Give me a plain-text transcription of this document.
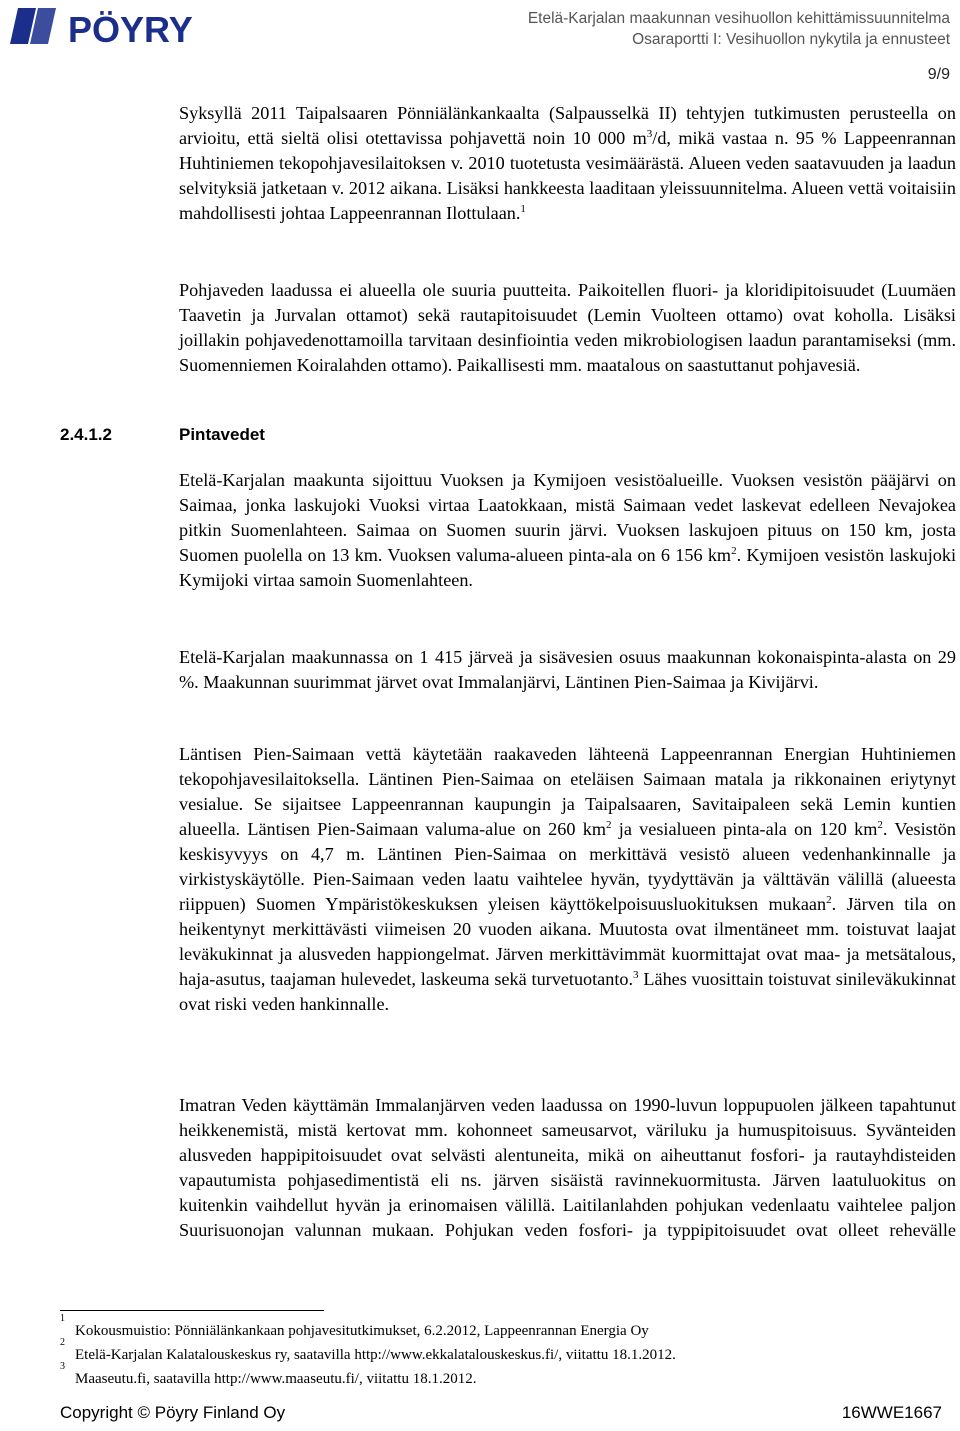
PÖYRY	Etelä-Karjalan maakunnan vesihuollon kehittämissuunnitelma
Osaraportti I: Vesihuollon nykytila ja ennusteet
9/9

Syksyllä 2011 Taipalsaaren Pönniälänkankaalta (Salpausselkä II) tehtyjen tutkimusten perusteella on arvioitu, että sieltä olisi otettavissa pohjavettä noin 10 000 $m^3/d$, mikä vastaa n. 95 % Lappeenrannan Huhtiniemen tekopohjavesilaitoksen v. 2010 tuotetusta vesimäärästä. Alueen veden saatavuuden ja laadun selvityksiä jatketaan v. 2012 aikana. Lisäksi hankkeesta laaditaan yleissuunnitelma. Alueen vettä voitaisiin mahdollisesti johtaa Lappeenrannan Ilottulaan.$^1$

Pohjaveden laadussa ei alueella ole suuria puutteita. Paikoitellen fluori- ja kloridipitoisuudet (Luumäen Taavetin ja Jurvalan ottamot) sekä rautapitoisuudet (Lemin Vuolteen ottamo) ovat koholla. Lisäksi joillakin pohjavedenottamoilla tarvitaan desinfiointia veden mikrobiologisen laadun parantamiseksi (mm. Suomenniemen Koiralahden ottamo). Paikallisesti mm. maatalous on saastuttanut pohjavesiä.

2.4.1.2	Pintavedet

Etelä-Karjalan maakunta sijoittuu Vuoksen ja Kymijoen vesistöalueille. Vuoksen vesistön pääjärvi on Saimaa, jonka laskujoki Vuoksi virtaa Laatokkaan, mistä Saimaan vedet laskevat edelleen Nevajokea pitkin Suomenlahteen. Saimaa on Suomen suurin järvi. Vuoksen laskujoen pituus on 150 km, josta Suomen puolella on 13 km. Vuoksen valuma-alueen pinta-ala on 6 156 $km^2$. Kymijoen vesistön laskujoki Kymijoki virtaa samoin Suomenlahteen.

Etelä-Karjalan maakunnassa on 1 415 järveä ja sisävesien osuus maakunnan kokonaispinta-alasta on 29 %. Maakunnan suurimmat järvet ovat Immalanjärvi, Läntinen Pien-Saimaa ja Kivijärvi.

Läntisen Pien-Saimaan vettä käytetään raakaveden lähteenä Lappeenrannan Energian Huhtiniemen tekopohjavesilaitoksella. Läntinen Pien-Saimaa on eteläisen Saimaan matala ja rikkonainen eriytynyt vesialue. Se sijaitsee Lappeenrannan kaupungin ja Taipalsaaren, Savitaipaleen sekä Lemin kuntien alueella. Läntisen Pien-Saimaan valuma-alue on 260 $km^2$ ja vesialueen pinta-ala on 120 $km^2$. Vesistön keskisyvyys on 4,7 m. Läntinen Pien-Saimaa on merkittävä vesistö alueen vedenhankinnalle ja virkistyskäytölle. Pien-Saimaan veden laatu vaihtelee hyvän, tyydyttävän ja välttävän välillä (alueesta riippuen) Suomen Ympäristökeskuksen yleisen käyttökelpoisuusluokituksen mukaan$^2$. Järven tila on heikentynyt merkittävästi viimeisen 20 vuoden aikana. Muutosta ovat ilmentäneet mm. toistuvat laajat leväkukinnat ja alusveden happiongelmat. Järven merkittävimmät kuormittajat ovat maa- ja metsätalous, haja-asutus, taajaman hulevedet, laskeuma sekä turvetuotanto.$^3$ Lähes vuosittain toistuvat sinileväkukinnat ovat riski veden hankinnalle.

Imatran Veden käyttämän Immalanjärven veden laadussa on 1990-luvun loppupuolen jälkeen tapahtunut heikkenemistä, mistä kertovat mm. kohonneet sameusarvot, väriluku ja humuspitoisuus. Syvänteiden alusveden happipitoisuudet ovat selvästi alentuneita, mikä on aiheuttanut fosfori- ja rautayhdisteiden vapautumista pohjasedimentistä eli ns. järven sisäistä ravinnekuormitusta. Järven laatuluokitus on kuitenkin vaihdellut hyvän ja erinomaisen välillä. Laitilanlahden pohjukan vedenlaatu vaihtelee paljon Suurisuonojan valunnan mukaan. Pohjukan veden fosfori- ja typpipitoisuudet ovat olleet rehevälle

1
Kokousmuistio: Pönniälänkankaan pohjavesitutkimukset, 6.2.2012, Lappeenrannan Energia Oy
2
Etelä-Karjalan Kalatalouskeskus ry, saatavilla http://www.ekkalatalouskeskus.fi/, viitattu 18.1.2012.
3
Maaseutu.fi, saatavilla http://www.maaseutu.fi/, viitattu 18.1.2012.
Copyright © Pöyry Finland Oy	16WWE1667
